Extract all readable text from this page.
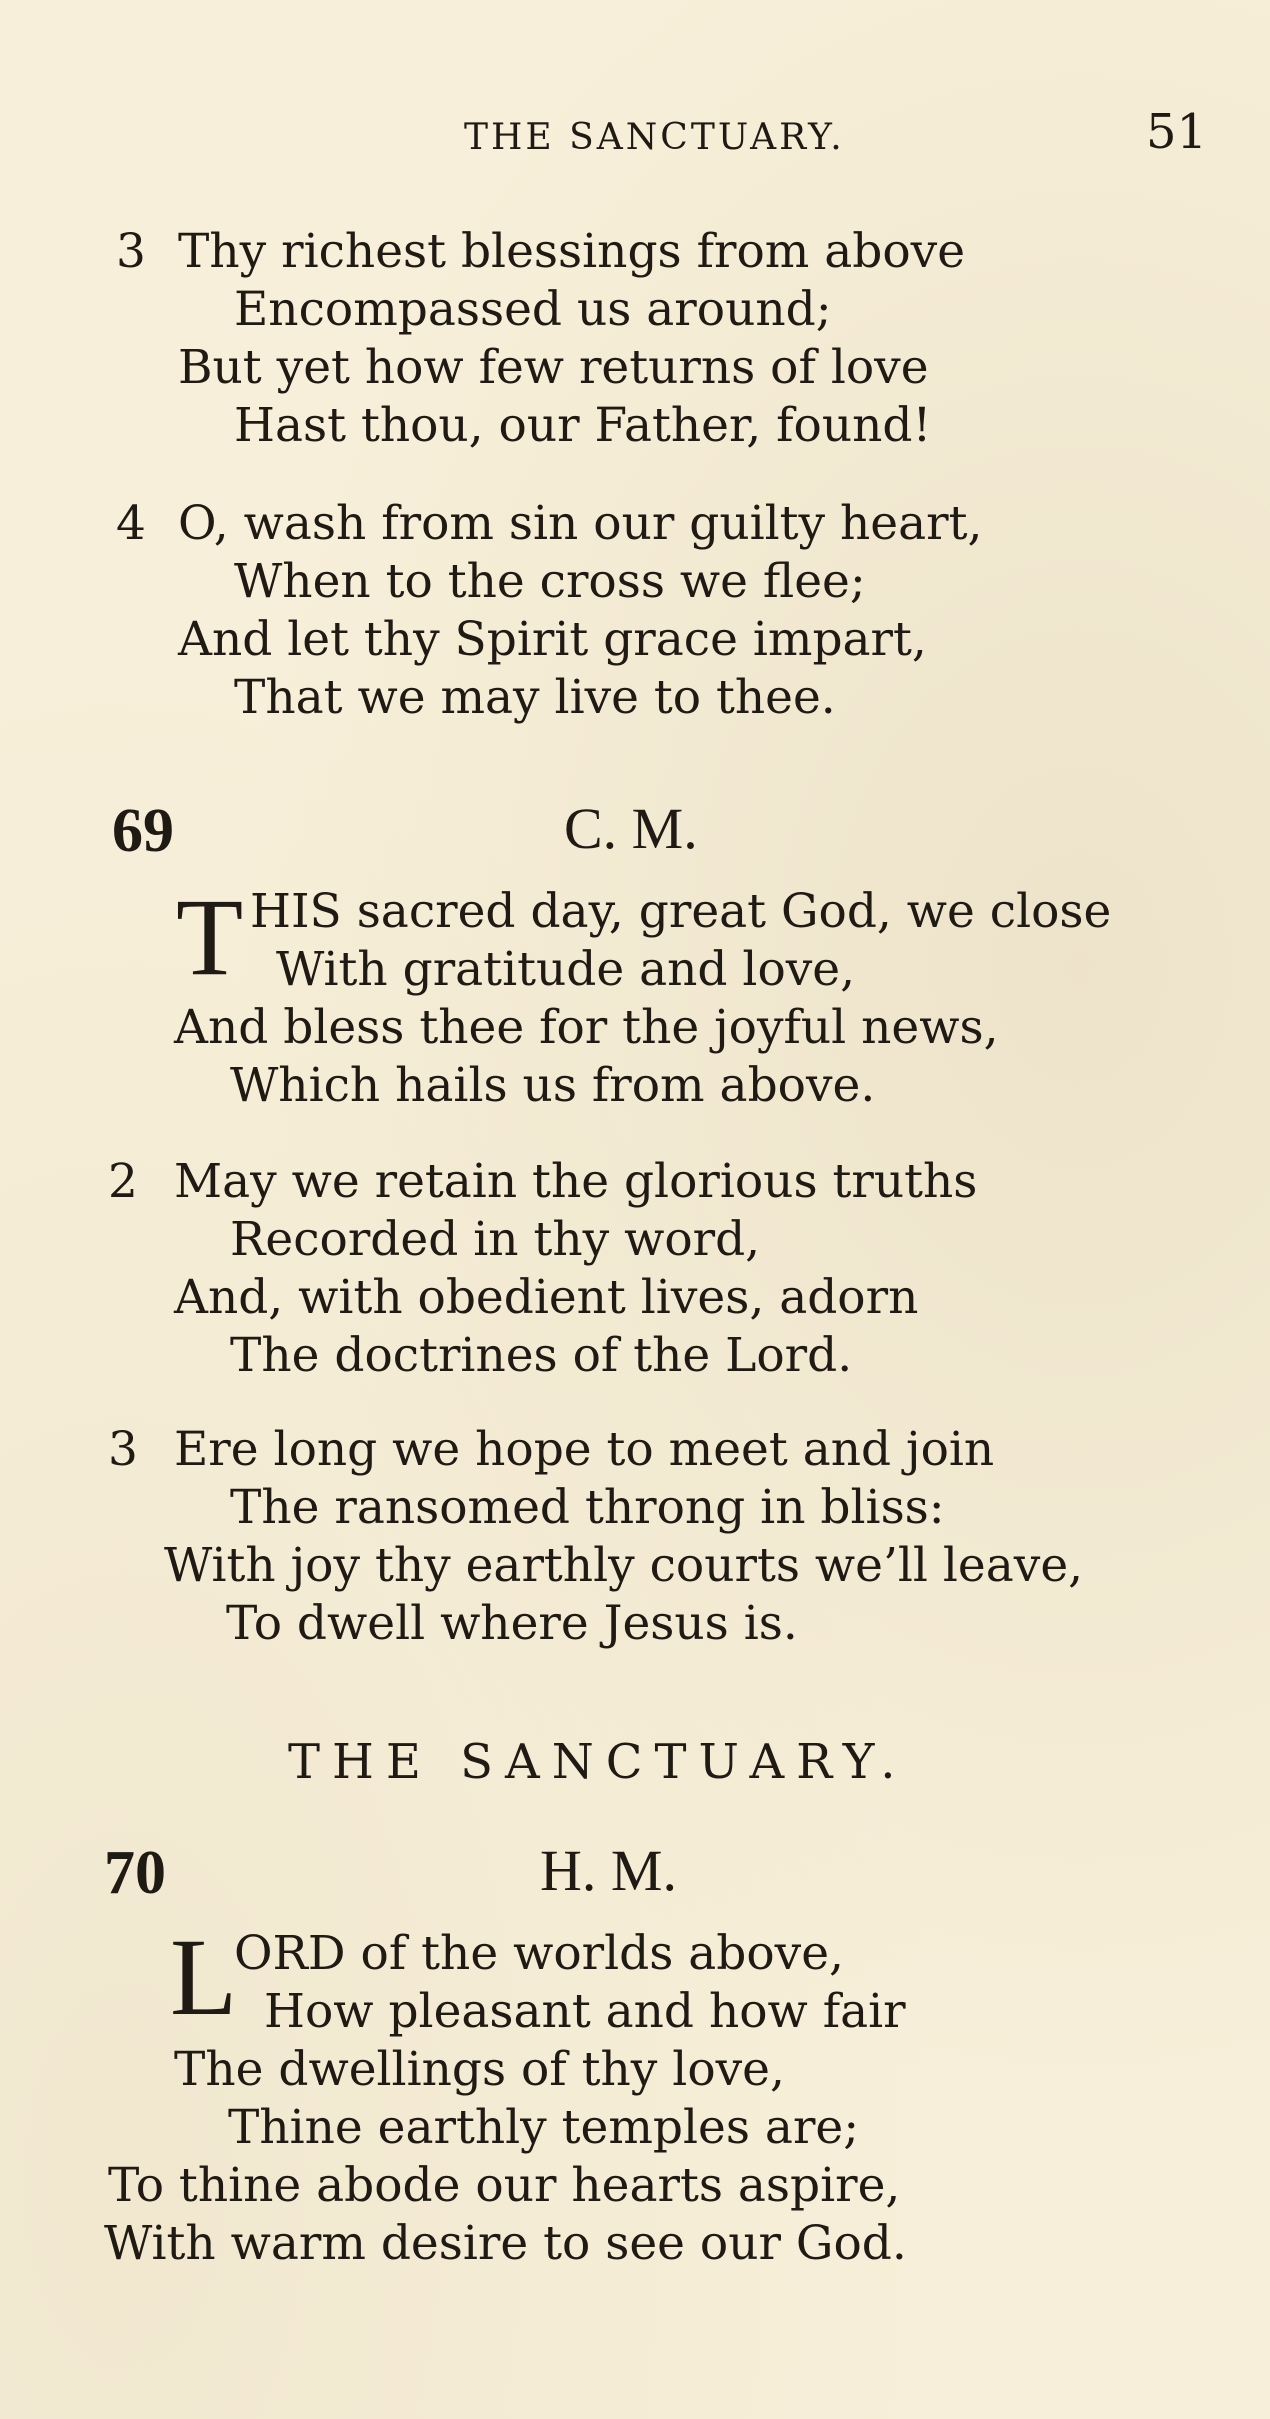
THE SANCTUARY.	51
3 Thy richest blessings from above
Encompassed us around;
But yet how few returns of love
Hast thou, our Father, found!
4 O, wash from sin our guilty heart,
When to the cross we flee;
And let thy Spirit grace impart,
That we may live to thee.
69	C. M.
T HIS sacred day, great God, we close
With gratitude and love,
And bless thee for the joyful news,
Which hails us from above.
2 May we retain the glorious truths
Recorded in thy word,
And, with obedient lives, adorn
The doctrines of the Lord.
3 Ere long we hope to meet and join
The ransomed throng in bliss:
With joy thy earthly courts we’ll leave,
To dwell where Jesus is.
THE SANCTUARY.
70	H. M.
L
ORD of the worlds above,
How pleasant and how fair
The dwellings of thy love,
Thine earthly temples are;
To thine abode our hearts aspire,
With warm desire to see our God.
